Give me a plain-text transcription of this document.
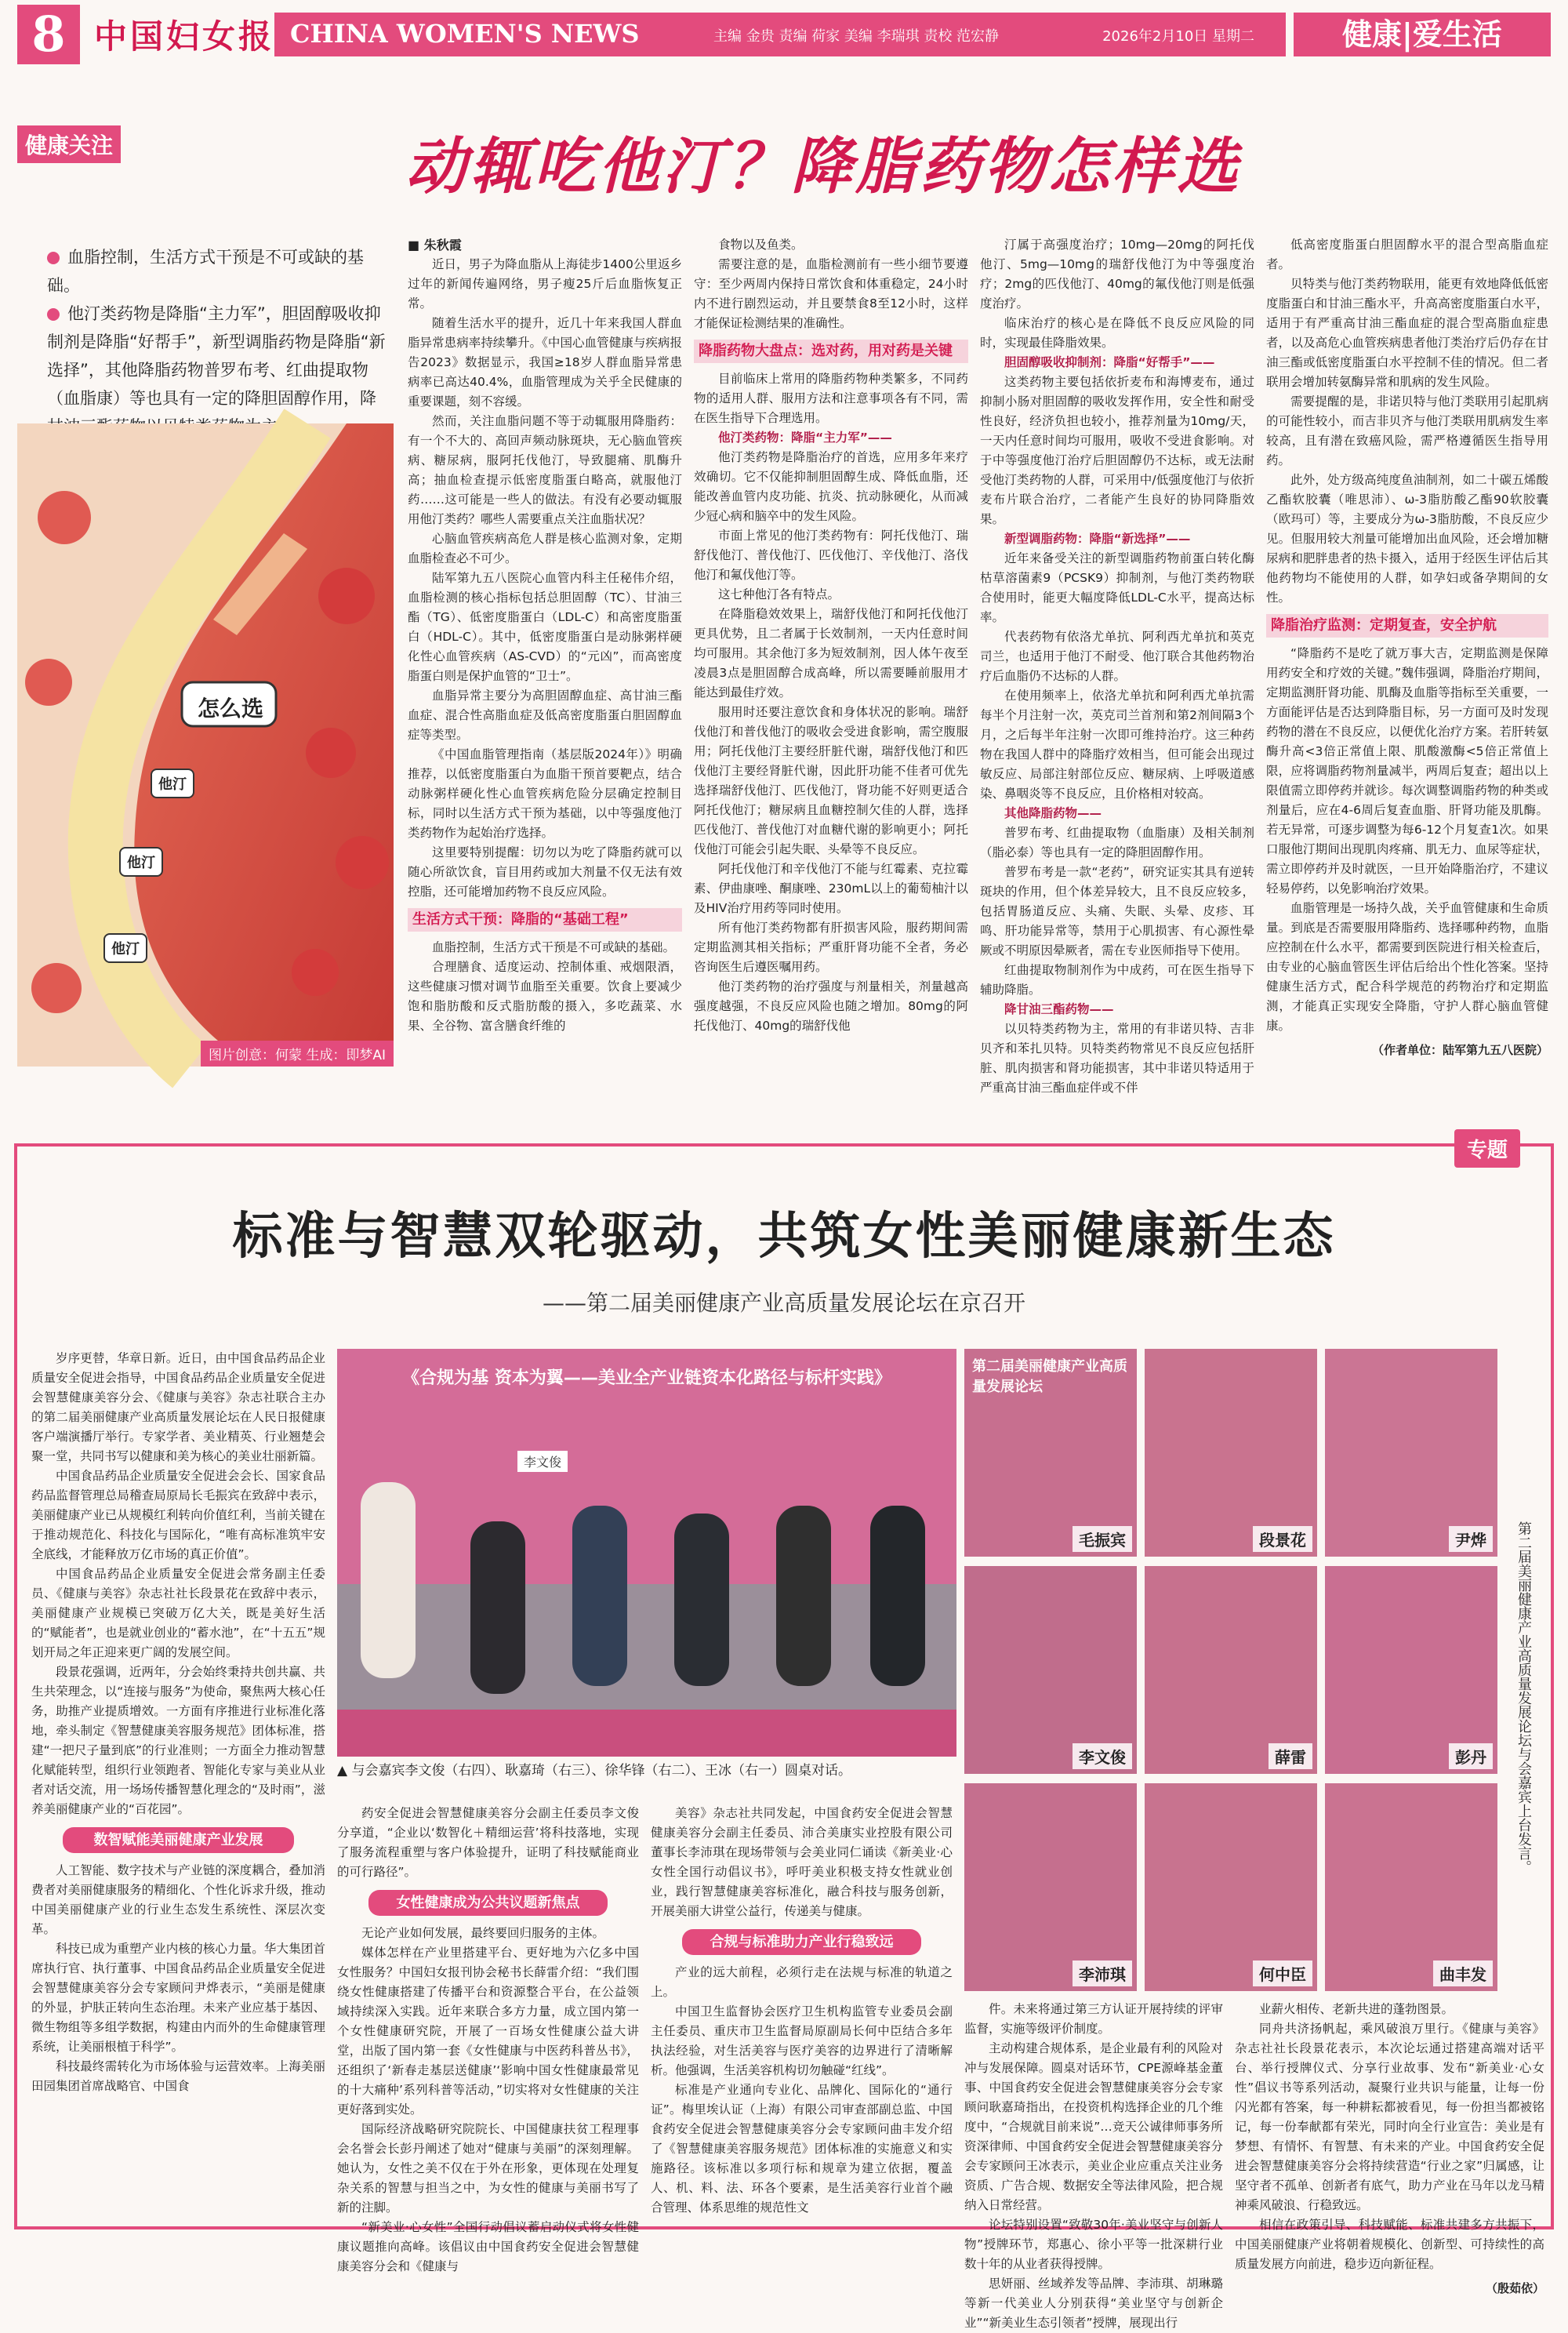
8 中国妇女报 CHINA WOMEN'S NEWS	主编 金贵 责编 荷家 美编 李瑞琪 责校 范宏静	2026年2月10日 星期二	健康|爱生活
健康关注	动辄吃他汀？降脂药物怎样选
血脂控制，生活方式干预是不可或缺的基础。
他汀类药物是降脂“主力军”，胆固醇吸收抑制剂是降脂“好帮手”，新型调脂药物是降脂“新选择”，其他降脂药物普罗布考、红曲提取物（血脂康）等也具有一定的降胆固醇作用，降
怎么选
他汀
他汀
他汀
图片创意：何蒙 生成：即梦AI
■ 朱秋霞

近日，男子为降血脂从上海徒步1400公里返乡过年的新闻传遍网络，男子瘦25斤后血脂恢复正常。

随着生活水平的提升，近几十年来我国人群血脂异常患病率持续攀升。《中国心血管健康与疾病报告2023》数据显示，我国≥18岁人群血脂异常患病率已高达40.4%，血脂管理成为关乎全民健康的重要课题，刻不容缓。

然而，关注血脂问题不等于动辄服用降脂药：有一个不大的、高回声频动脉斑块，无心脑血管疾病、糖尿病，服阿托伐他汀，导致腿痛、肌酶升高；抽血检查提示低密度脂蛋白略高，就服他汀药……这可能是一些人的做法。有没有必要动辄服用他汀类药？哪些人需要重点关注血脂状况？

心脑血管疾病高危人群是核心监测对象，定期血脂检查必不可少。

陆军第九五八医院心血管内科主任秘伟介绍，血脂检测的核心指标包括总胆固醇（TC）、甘油三酯（TG）、低密度脂蛋白（LDL-C）和高密度脂蛋白（HDL-C）。其中，低密度脂蛋白是动脉粥样硬化性心血管疾病（AS-CVD）的“元凶”，而高密度脂蛋白则是保护血管的“卫士”。

血脂异常主要分为高胆固醇血症、高甘油三酯血症、混合性高脂血症及低高密度脂蛋白胆固醇血症等类型。

《中国血脂管理指南（基层版2024年）》明确推荐，以低密度脂蛋白为血脂干预首要靶点，结合动脉粥样硬化性心血管疾病危险分层确定控制目标，同时以生活方式干预为基础，以中等强度他汀类药物作为起始治疗选择。

这里要特别提醒：切勿以为吃了降脂药就可以随心所欲饮食，盲目用药或加大剂量不仅无法有效控脂，还可能增加药物不良反应风险。

生活方式干预：降脂的“基础工程”

血脂控制，生活方式干预是不可或缺的基础。

合理膳食、适度运动、控制体重、戒烟限酒，这些健康习惯对调节血脂至关重要。饮食上要减少饱和脂肪酸和反式脂肪酸的摄入，多吃蔬菜、水果、全谷物、富含膳食纤维的

食物以及鱼类。

需要注意的是，血脂检测前有一些小细节要遵守：至少两周内保持日常饮食和体重稳定，24小时内不进行剧烈运动，并且要禁食8至12小时，这样才能保证检测结果的准确性。

降脂药物大盘点：选对药，用对药是关键

目前临床上常用的降脂药物种类繁多，不同药物的适用人群、服用方法和注意事项各有不同，需在医生指导下合理选用。

他汀类药物：降脂“主力军”——

他汀类药物是降脂治疗的首选，应用多年来疗效确切。它不仅能抑制胆固醇生成、降低血脂，还能改善血管内皮功能、抗炎、抗动脉硬化，从而减少冠心病和脑卒中的发生风险。

市面上常见的他汀类药物有：阿托伐他汀、瑞舒伐他汀、普伐他汀、匹伐他汀、辛伐他汀、洛伐他汀和氟伐他汀等。

这七种他汀各有特点。

在降脂稳效效果上，瑞舒伐他汀和阿托伐他汀更具优势，且二者属于长效制剂，一天内任意时间均可服用。其余他汀多为短效制剂，因人体午夜至凌晨3点是胆固醇合成高峰，所以需要睡前服用才能达到最佳疗效。

服用时还要注意饮食和身体状况的影响。瑞舒伐他汀和普伐他汀的吸收会受进食影响，需空腹服用；阿托伐他汀主要经肝脏代谢，瑞舒伐他汀和匹伐他汀主要经肾脏代谢，因此肝功能不佳者可优先选择瑞舒伐他汀、匹伐他汀，肾功能不好则更适合阿托伐他汀；糖尿病且血糖控制欠佳的人群，选择匹伐他汀、普伐他汀对血糖代谢的影响更小；阿托伐他汀可能会引起失眠、头晕等不良反应。

阿托伐他汀和辛伐他汀不能与红霉素、克拉霉素、伊曲康唑、酮康唑、230mL以上的葡萄柚汁以及HIV治疗用药等同时使用。

所有他汀类药物都有肝损害风险，服药期间需定期监测其相关指标；严重肝肾功能不全者，务必咨询医生后遵医嘱用药。

他汀类药物的治疗强度与剂量相关，剂量越高强度越强，不良反应风险也随之增加。80mg的阿托伐他汀、40mg的瑞舒伐他

汀属于高强度治疗；10mg—20mg的阿托伐他汀、5mg—10mg的瑞舒伐他汀为中等强度治疗；2mg的匹伐他汀、40mg的氟伐他汀则是低强度治疗。

临床治疗的核心是在降低不良反应风险的同时，实现最佳降脂效果。

胆固醇吸收抑制剂：降脂“好帮手”——

这类药物主要包括依折麦布和海博麦布，通过抑制小肠对胆固醇的吸收发挥作用，安全性和耐受性良好，经济负担也较小，推荐剂量为10mg/天，一天内任意时间均可服用，吸收不受进食影响。对于中等强度他汀治疗后胆固醇仍不达标，或无法耐受他汀类药物的人群，可采用中/低强度他汀与依折麦布片联合治疗，二者能产生良好的协同降脂效果。

新型调脂药物：降脂“新选择”——

近年来备受关注的新型调脂药物前蛋白转化酶枯草溶菌素9（PCSK9）抑制剂，与他汀类药物联合使用时，能更大幅度降低LDL-C水平，提高达标率。

代表药物有依洛尤单抗、阿利西尤单抗和英克司兰，也适用于他汀不耐受、他汀联合其他药物治疗后血脂仍不达标的人群。

在使用频率上，依洛尤单抗和阿利西尤单抗需每半个月注射一次，英克司兰首剂和第2剂间隔3个月，之后每半年注射一次即可维持治疗。这三种药物在我国人群中的降脂疗效相当，但可能会出现过敏反应、局部注射部位反应、糖尿病、上呼吸道感染、鼻咽炎等不良反应，且价格相对较高。

其他降脂药物——

普罗布考、红曲提取物（血脂康）及相关制剂（脂必泰）等也具有一定的降胆固醇作用。

普罗布考是一款“老药”，研究证实其具有逆转斑块的作用，但个体差异较大，且不良反应较多，包括胃肠道反应、头痛、失眠、头晕、皮疹、耳鸣、肝功能异常等，禁用于心肌损害、有心源性晕厥或不明原因晕厥者，需在专业医师指导下使用。

红曲提取物制剂作为中成药，可在医生指导下辅助降脂。

降甘油三酯药物——

以贝特类药物为主，常用的有非诺贝特、吉非贝齐和苯扎贝特。贝特类药物常见不良反应包括肝脏、肌肉损害和肾功能损害，其中非诺贝特适用于严重高甘油三酯血症伴或不伴

低高密度脂蛋白胆固醇水平的混合型高脂血症者。

贝特类与他汀类药物联用，能更有效地降低低密度脂蛋白和甘油三酯水平，升高高密度脂蛋白水平，适用于有严重高甘油三酯血症的混合型高脂血症患者，以及高危心血管疾病患者他汀类治疗后仍存在甘油三酯或低密度脂蛋白水平控制不佳的情况。但二者联用会增加转氨酶异常和肌病的发生风险。

需要提醒的是，非诺贝特与他汀类联用引起肌病的可能性较小，而吉非贝齐与他汀类联用肌病发生率较高，且有潜在致癌风险，需严格遵循医生指导用药。

此外，处方级高纯度鱼油制剂，如二十碳五烯酸乙酯软胶囊（唯思沛）、ω-3脂肪酸乙酯90软胶囊（欧玛可）等，主要成分为ω-3脂肪酸，不良反应少见。但服用较大剂量可能增加出血风险，还会增加糖尿病和肥胖患者的热卡摄入，适用于经医生评估后其他药物均不能使用的人群，如孕妇或备孕期间的女性。

降脂治疗监测：定期复查，安全护航

“降脂药不是吃了就万事大吉，定期监测是保障用药安全和疗效的关键。”魏伟强调，降脂治疗期间，定期监测肝肾功能、肌酶及血脂等指标至关重要，一方面能评估是否达到降脂目标，另一方面可及时发现药物的潜在不良反应，以便优化治疗方案。若肝转氨酶升高<3倍正常值上限、肌酸激酶<5倍正常值上限，应将调脂药物剂量减半，两周后复查；超出以上限值需立即停药并就诊。每次调整调脂药物的种类或剂量后，应在4-6周后复查血脂、肝肾功能及肌酶。若无异常，可逐步调整为每6-12个月复查1次。如果口服他汀期间出现肌肉疼痛、肌无力、血尿等症状，需立即停药并及时就医，一旦开始降脂治疗，不建议轻易停药，以免影响治疗效果。

血脂管理是一场持久战，关乎血管健康和生命质量。到底是否需要服用降脂药、选择哪种药物，血脂应控制在什么水平，都需要到医院进行相关检查后，由专业的心脑血管医生评估后给出个性化答案。坚持健康生活方式，配合科学规范的药物治疗和定期监测，才能真正实现安全降脂，守护人群心脑血管健康。

（作者单位：陆军第九五八医院）
专题
标准与智慧双轮驱动，共筑女性美丽健康新生态
——第二届美丽健康产业高质量发展论坛在京召开

岁序更替，华章日新。近日，由中国食品药品企业质量安全促进会指导，中国食品药品企业质量安全促进会智慧健康美容分会、《健康与美容》杂志社联合主办的第二届美丽健康产业高质量发展论坛在人民日报健康客户端演播厅举行。专家学者、美业精英、行业翘楚会聚一堂，共同书写以健康和美为核心的美业壮丽新篇。

中国食品药品企业质量安全促进会会长、国家食品药品监督管理总局稽查局原局长毛振宾在致辞中表示，美丽健康产业已从规模红利转向价值红利，当前关键在于推动规范化、科技化与国际化，“唯有高标准筑牢安全底线，才能释放万亿市场的真正价值”。

中国食品药品企业质量安全促进会常务副主任委员、《健康与美容》杂志社社长段景花在致辞中表示，美丽健康产业规模已突破万亿大关，既是美好生活的“赋能者”，也是就业创业的“蓄水池”，在“十五五”规划开局之年正迎来更广阔的发展空间。

段景花强调，近两年，分会始终秉持共创共赢、共生共荣理念，以“连接与服务”为使命，聚焦两大核心任务，助推产业提质增效。一方面有序推进行业标准化落地，牵头制定《智慧健康美容服务规范》团体标准，搭建“一把尺子量到底”的行业准则；一方面全力推动智慧化赋能转型，组织行业领跑者、智能化专家与美业从业者对话交流，用一场场传播智慧化理念的“及时雨”，滋养美丽健康产业的“百花园”。

数智赋能美丽健康产业发展

人工智能、数字技术与产业链的深度耦合，叠加消费者对美丽健康服务的精细化、个性化诉求升级，推动中国美丽健康产业的行业生态发生系统性、深层次变革。

科技已成为重塑产业内核的核心力量。华大集团首席执行官、执行董事、中国食品药品企业质量安全促进会智慧健康美容分会专家顾问尹烨表示，“美丽是健康的外显，护肤正转向生态治理。未来产业应基于基因、微生物组等多组学数据，构建由内而外的生命健康管理系统，让美丽根植于科学”。

科技最终需转化为市场体验与运营效率。上海美丽田园集团首席战略官、中国食

《合规为基 资本为翼——美业全产业链资本化路径与标杆实践》
李文俊
▲ 与会嘉宾李文俊（右四）、耿嘉琦（右三）、徐华锋（右二）、王冰（右一）圆桌对话。

药安全促进会智慧健康美容分会副主任委员李文俊分享道，“企业以‘数智化＋精细运营’将科技落地，实现了服务流程重塑与客户体验提升，证明了科技赋能商业的可行路径”。

女性健康成为公共议题新焦点

无论产业如何发展，最终要回归服务的主体。

媒体怎样在产业里搭建平台、更好地为六亿多中国女性服务？中国妇女报刊协会秘书长薛雷介绍：“我们围绕女性健康搭建了传播平台和资源整合平台，在公益领域持续深入实践。近年来联合多方力量，成立国内第一个女性健康研究院，开展了一百场女性健康公益大讲堂，出版了国内第一套《女性健康与中医药科普丛书》，还组织了‘新春走基层送健康’‘影响中国女性健康最常见的十大痛种’系列科普等活动，”切实将对女性健康的关注更好落到实处。

国际经济战略研究院院长、中国健康扶贫工程理事会名誉会长彭丹阐述了她对“健康与美丽”的深刻理解。她认为，女性之美不仅在于外在形象，更体现在处理复杂关系的智慧与担当之中，为女性的健康与美丽书写了新的注脚。

“新美业·心女性”全国行动倡议蓄启动仪式将女性健康议题推向高峰。该倡议由中国食药安全促进会智慧健康美容分会和《健康与

美容》杂志社共同发起，中国食药安全促进会智慧健康美容分会副主任委员、沛合美康实业控股有限公司董事长李沛琪在现场带领与会美业同仁诵读《新美业·心女性全国行动倡议书》，呼吁美业积极支持女性就业创业，践行智慧健康美容标准化，融合科技与服务创新，开展美丽大讲堂公益行，传递美与健康。

合规与标准助力产业行稳致远

产业的远大前程，必须行走在法规与标准的轨道之上。

中国卫生监督协会医疗卫生机构监管专业委员会副主任委员、重庆市卫生监督局原副局长何中臣结合多年执法经验，对生活美容与医疗美容的边界进行了清晰解析。他强调，生活美容机构切勿触碰“红线”。

标准是产业通向专业化、品牌化、国际化的“通行证”。梅里埃认证（上海）有限公司审查部副总监、中国食药安全促进会智慧健康美容分会专家顾问曲丰发介绍了《智慧健康美容服务规范》团体标准的实施意义和实施路径。该标准以多项行标和规章为建立依据，覆盖人、机、料、法、环各个要素，是生活美容行业首个融合管理、体系思维的规范性文

第二届美丽健康产业高质量发展论坛
毛振宾	段景花	尹烨
李文俊	薛雷	彭丹
李沛琪	何中臣	曲丰发
第二届美丽健康产业高质量发展论坛与会嘉宾上台发言。

件。未来将通过第三方认证开展持续的评审监督，实施等级评价制度。

主动构建合规体系，是企业最有利的风险对冲与发展保障。圆桌对话环节，CPE源峰基金董事、中国食药安全促进会智慧健康美容分会专家顾问耿嘉琦指出，在投资机构选择企业的几个维度中，“合规就目前来说”…竞天公诚律师事务所资深律师、中国食药安全促进会智慧健康美容分会专家顾问王冰表示，美业企业应重点关注业务资质、广告合规、数据安全等法律风险，把合规纳入日常经营。

论坛特别设置“致敬30年·美业坚守与创新人物”授牌环节，郑惠心、徐小平等一批深耕行业数十年的从业者获得授牌。

思妍丽、丝域养发等品牌、李沛琪、胡琳璐等新一代美业人分别获得“美业坚守与创新企业”“新美业生态引领者”授牌，展现出行

业薪火相传、老新共进的蓬勃图景。

同舟共济扬帆起，乘风破浪万里行。《健康与美容》杂志社社长段景花表示，本次论坛通过搭建高端对话平台、举行授牌仪式、分享行业故事、发布“新美业·心女性”倡议书等系列活动，凝聚行业共识与能量，让每一份闪光都有答案，每一种耕耘都被看见，每一份担当都被铭记，每一份奉献都有荣光，同时向全行业宣告：美业是有梦想、有情怀、有智慧、有未来的产业。中国食药安全促进会智慧健康美容分会将持续营造“行业之家”归属感，让坚守者不孤单、创新者有底气，助力产业在马年以龙马精神乘风破浪、行稳致远。

相信在政策引导、科技赋能、标准共建多方共振下，中国美丽健康产业将朝着规模化、创新型、可持续性的高质量发展方向前进，稳步迈向新征程。

（殷茹依）
